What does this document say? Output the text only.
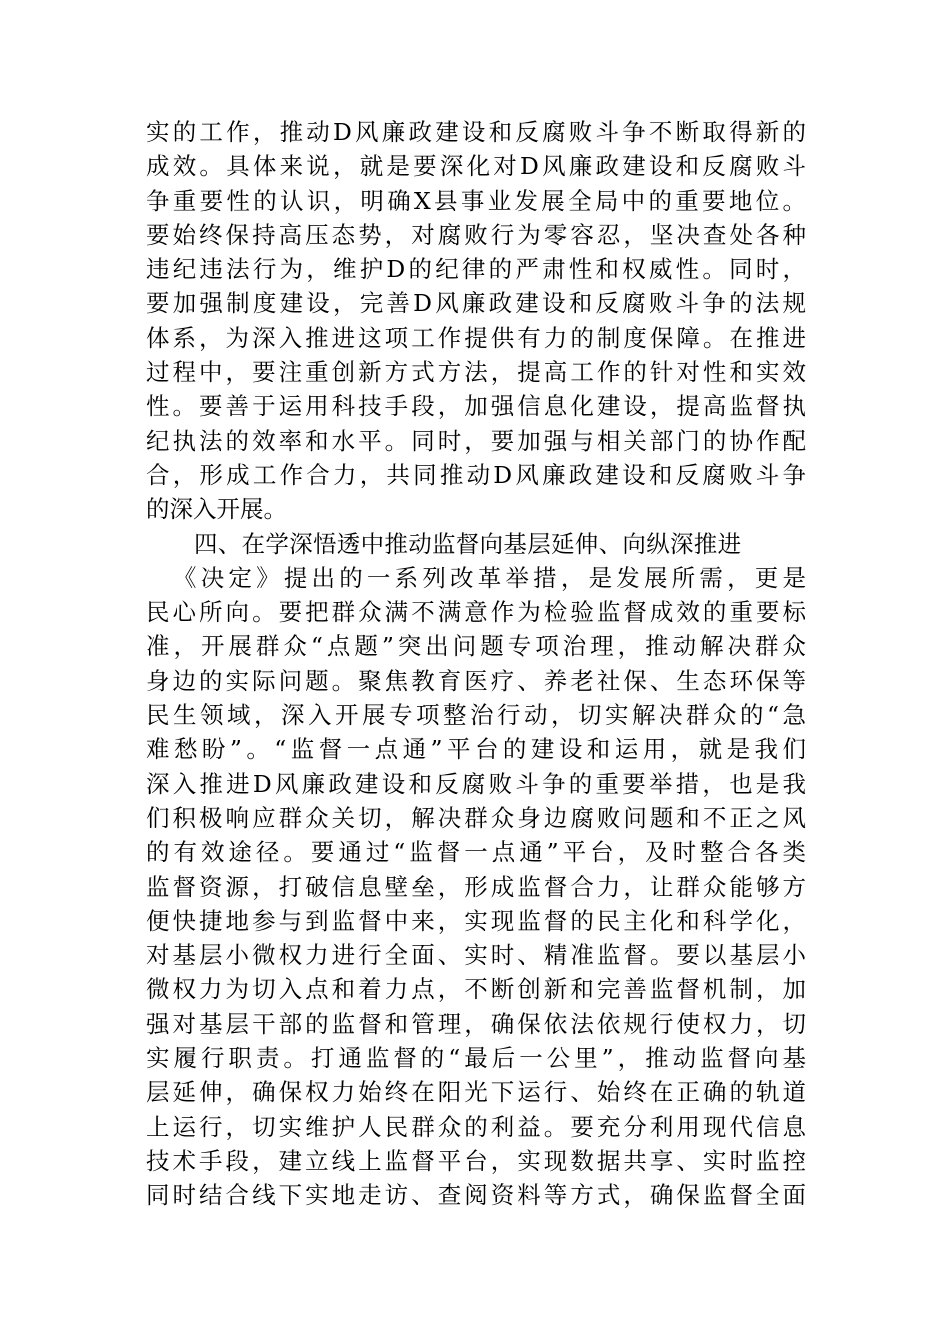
实的工作，推动D风廉政建设和反腐败斗争不断取得新的
成效。具体来说，就是要深化对D风廉政建设和反腐败斗
争重要性的认识，明确X县事业发展全局中的重要地位。
要始终保持高压态势，对腐败行为零容忍，坚决查处各种
违纪违法行为，维护D的纪律的严肃性和权威性。同时，
要加强制度建设，完善D风廉政建设和反腐败斗争的法规
体系，为深入推进这项工作提供有力的制度保障。在推进
过程中，要注重创新方式方法，提高工作的针对性和实效
性。要善于运用科技手段，加强信息化建设，提高监督执
纪执法的效率和水平。同时，要加强与相关部门的协作配
合，形成工作合力，共同推动D风廉政建设和反腐败斗争
的深入开展。
四、在学深悟透中推动监督向基层延伸、向纵深推进
《决定》提出的一系列改革举措，是发展所需，更是
民心所向。要把群众满不满意作为检验监督成效的重要标
准，开展群众“点题”突出问题专项治理，推动解决群众
身边的实际问题。聚焦教育医疗、养老社保、生态环保等
民生领域，深入开展专项整治行动，切实解决群众的“急
难愁盼”。“监督一点通”平台的建设和运用，就是我们
深入推进D风廉政建设和反腐败斗争的重要举措，也是我
们积极响应群众关切，解决群众身边腐败问题和不正之风
的有效途径。要通过“监督一点通”平台，及时整合各类
监督资源，打破信息壁垒，形成监督合力，让群众能够方
便快捷地参与到监督中来，实现监督的民主化和科学化，
对基层小微权力进行全面、实时、精准监督。要以基层小
微权力为切入点和着力点，不断创新和完善监督机制，加
强对基层干部的监督和管理，确保依法依规行使权力，切
实履行职责。打通监督的“最后一公里”，推动监督向基
层延伸，确保权力始终在阳光下运行、始终在正确的轨道
上运行，切实维护人民群众的利益。要充分利用现代信息
技术手段，建立线上监督平台，实现数据共享、实时监控
同时结合线下实地走访、查阅资料等方式，确保监督全面
